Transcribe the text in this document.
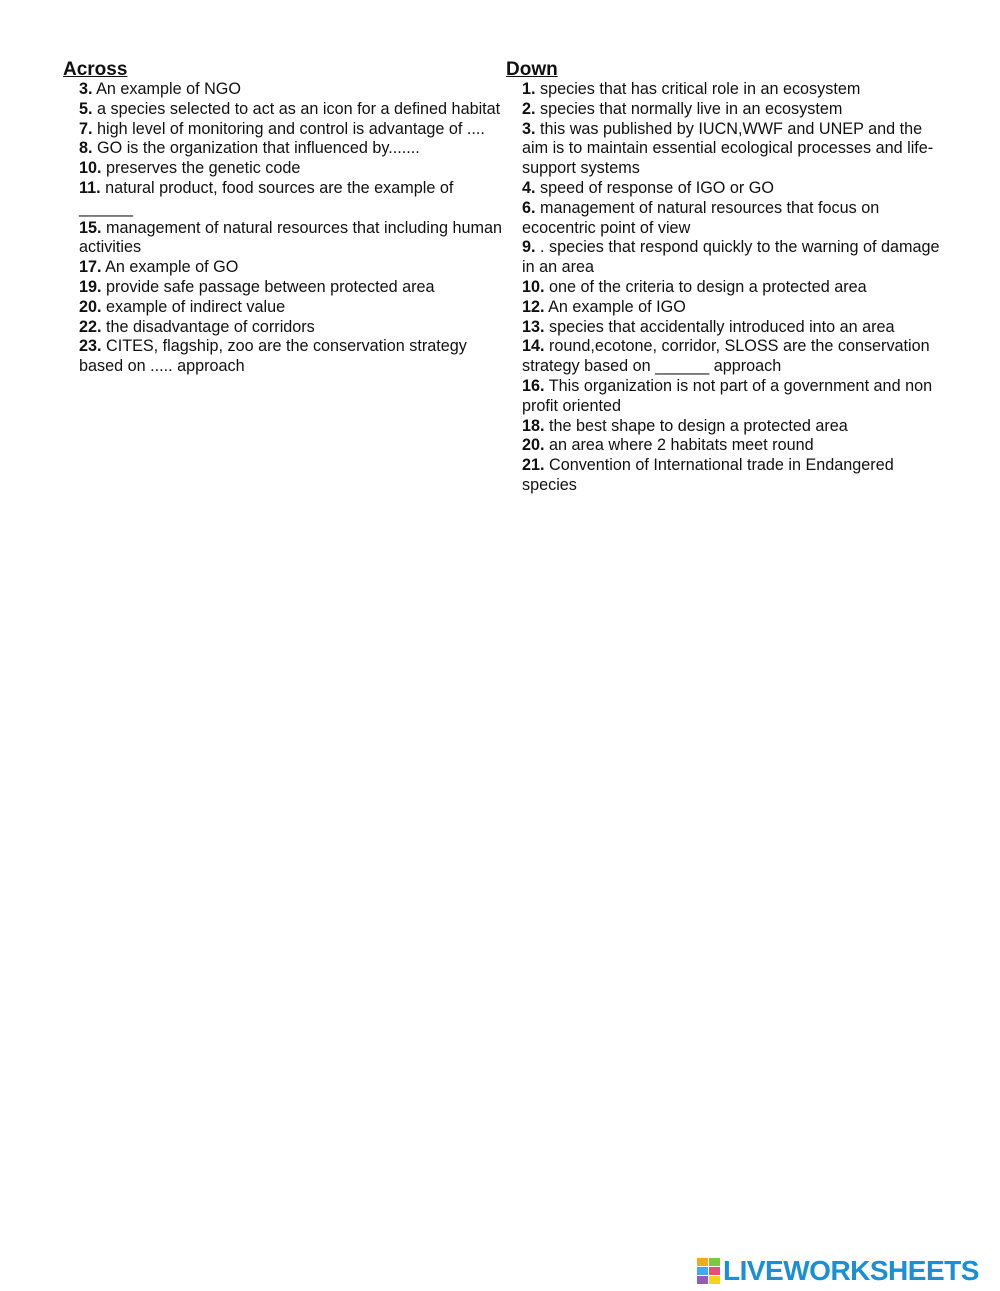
Across

3. An example of NGO

5. a species selected to act as an icon for a defined habitat

7. high level of monitoring and control is advantage of ....

8. GO is the organization that influenced by.......

10. preserves the genetic code

11. natural product, food sources are the example of ______

15. management of natural resources that including human activities

17. An example of GO

19. provide safe passage between protected area

20. example of indirect value

22. the disadvantage of corridors

23. CITES, flagship, zoo are the conservation strategy based on ..... approach

Down

1. species that has critical role in an ecosystem

2. species that normally live in an ecosystem

3. this was published by IUCN,WWF and UNEP and the aim is to maintain essential ecological processes and life-support systems

4. speed of response of IGO or GO

6. management of natural resources that focus on ecocentric point of view

9. . species that respond quickly to the warning of damage in an area

10. one of the criteria to design a protected area

12. An example of IGO

13. species that accidentally introduced into an area

14. round,ecotone, corridor, SLOSS are the conservation strategy based on ______ approach

16. This organization is not part of a government and non profit oriented

18. the best shape to design a protected area

20. an area where 2 habitats meet round

21. Convention of International trade in Endangered species

LIVEWORKSHEETS
